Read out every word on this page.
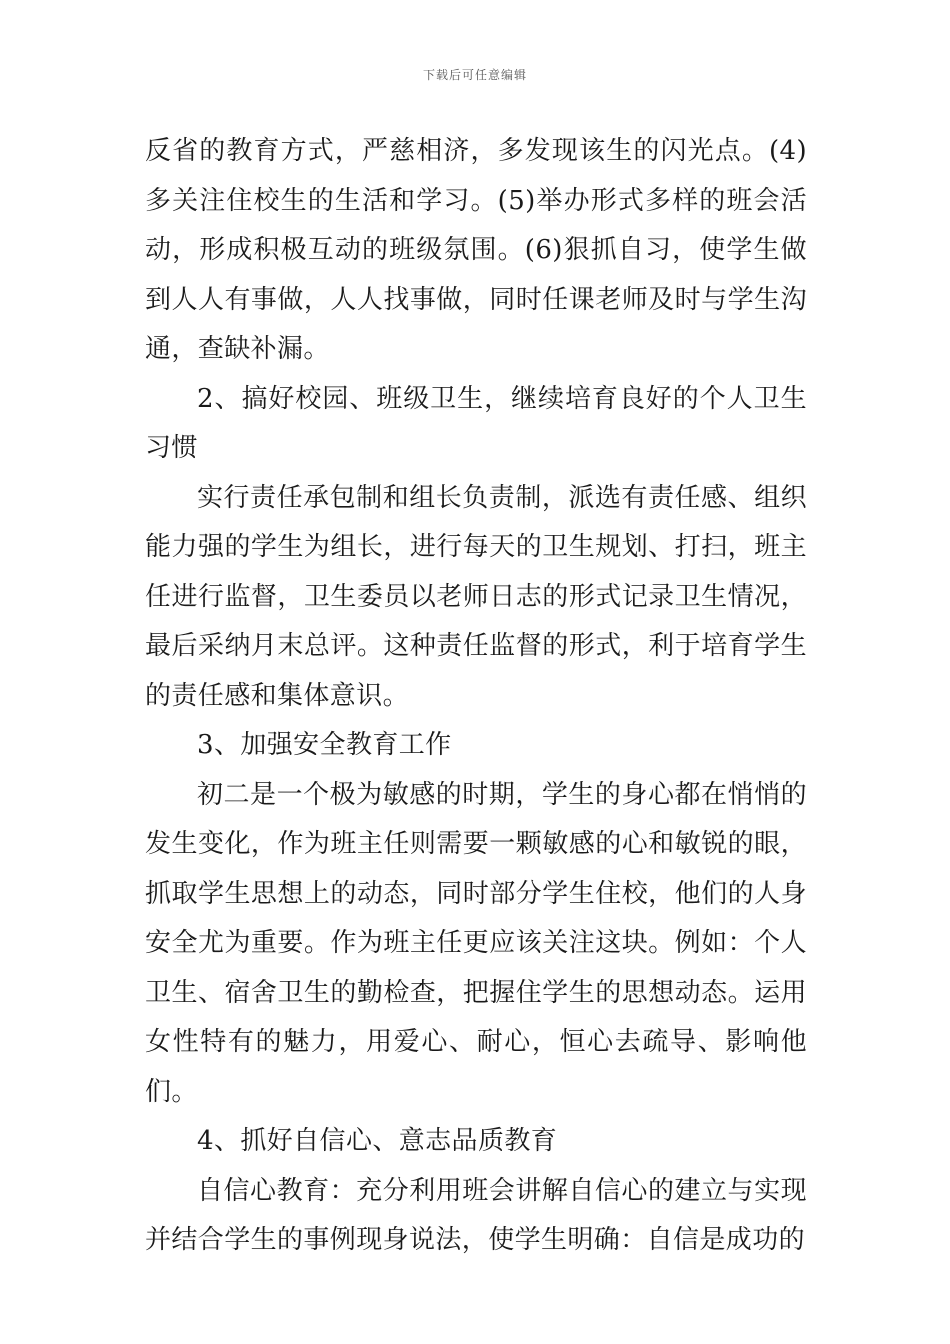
下载后可任意编辑

反省的教育方式，严慈相济，多发现该生的闪光点。(4)多关注住校生的生活和学习。(5)举办形式多样的班会活动，形成积极互动的班级氛围。(6)狠抓自习，使学生做到人人有事做，人人找事做，同时任课老师及时与学生沟通，查缺补漏。

2、搞好校园、班级卫生，继续培育良好的个人卫生习惯

实行责任承包制和组长负责制，派选有责任感、组织能力强的学生为组长，进行每天的卫生规划、打扫，班主任进行监督，卫生委员以老师日志的形式记录卫生情况，最后采纳月末总评。这种责任监督的形式，利于培育学生的责任感和集体意识。

3、加强安全教育工作

初二是一个极为敏感的时期，学生的身心都在悄悄的发生变化，作为班主任则需要一颗敏感的心和敏锐的眼，抓取学生思想上的动态，同时部分学生住校，他们的人身安全尤为重要。作为班主任更应该关注这块。例如：个人卫生、宿舍卫生的勤检查，把握住学生的思想动态。运用女性特有的魅力，用爱心、耐心，恒心去疏导、影响他们。

4、抓好自信心、意志品质教育

自信心教育：充分利用班会讲解自信心的建立与实现并结合学生的事例现身说法，使学生明确：自信是成功的
